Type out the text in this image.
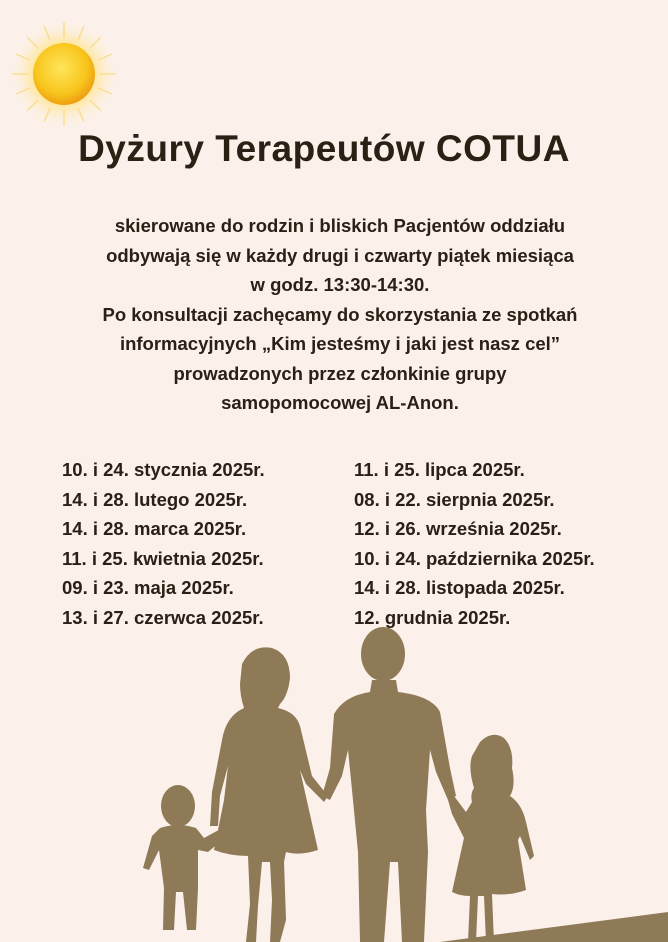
Dyżury Terapeutów COTUA

skierowane do rodzin i bliskich Pacjentów oddziału

odbywają się w każdy drugi i czwarty piątek miesiąca

w godz. 13:30-14:30.

Po konsultacji zachęcamy do skorzystania ze spotkań

informacyjnych „Kim jesteśmy i jaki jest nasz cel”

prowadzonych przez członkinie grupy

samopomocowej AL-Anon.

10. i 24. stycznia 2025r.
14. i 28. lutego 2025r.
14. i 28. marca 2025r.
11. i 25. kwietnia 2025r.
09. i 23. maja 2025r.
13. i 27. czerwca 2025r.
11. i 25. lipca 2025r.
08. i 22. sierpnia 2025r.
12. i 26. września 2025r.
10. i 24. października 2025r.
14. i 28. listopada 2025r.
12. grudnia 2025r.
